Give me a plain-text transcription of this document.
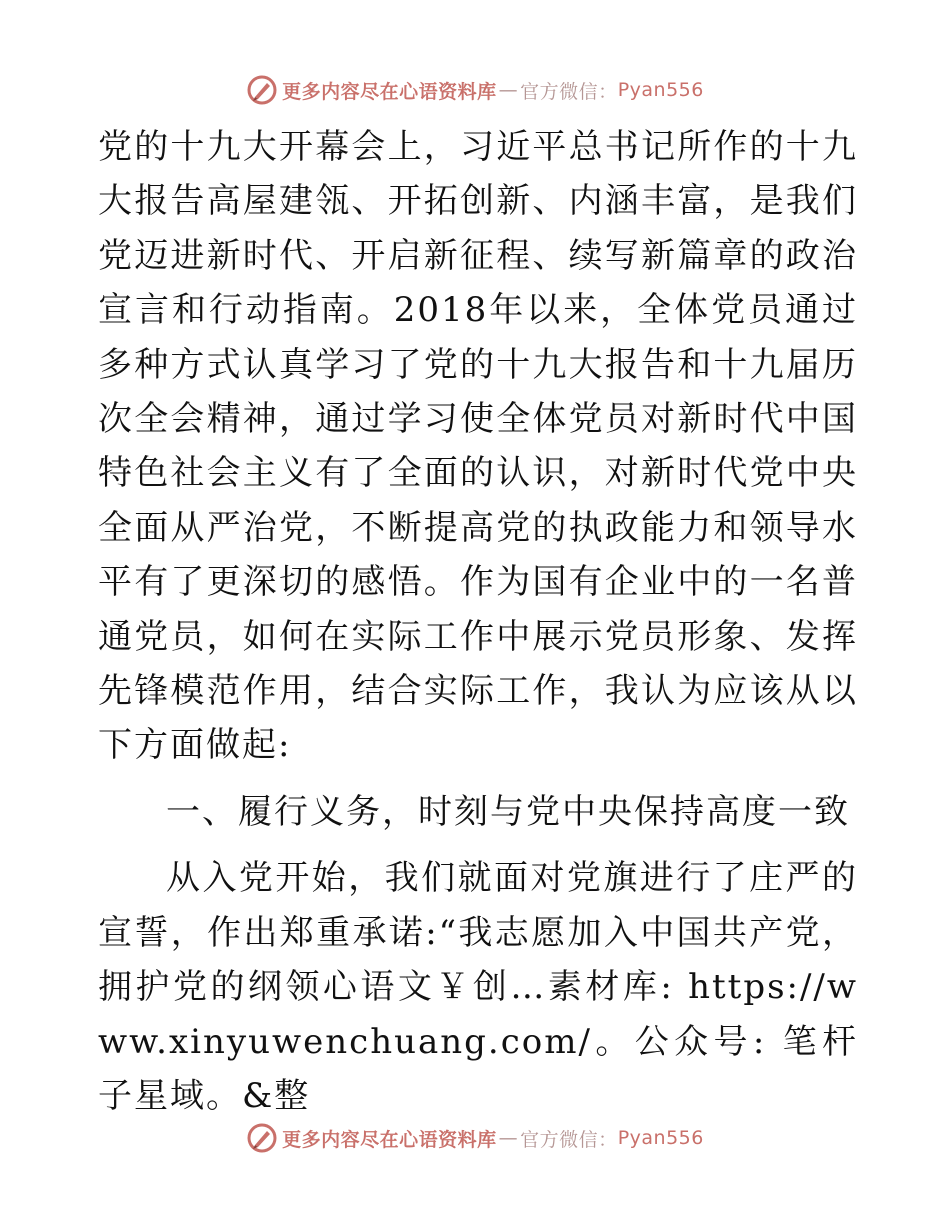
更多内容尽在心语资料库 — 官方微信： Pyan556

党的十九大开幕会上，习近平总书记所作的十九大报告高屋建瓴、开拓创新、内涵丰富，是我们党迈进新时代、开启新征程、续写新篇章的政治宣言和行动指南。2018年以来，全体党员通过多种方式认真学习了党的十九大报告和十九届历次全会精神，通过学习使全体党员对新时代中国特色社会主义有了全面的认识，对新时代党中央全面从严治党，不断提高党的执政能力和领导水平有了更深切的感悟。作为国有企业中的一名普通党员，如何在实际工作中展示党员形象、发挥先锋模范作用，结合实际工作，我认为应该从以下方面做起:

一、履行义务，时刻与党中央保持高度一致

从入党开始，我们就面对党旗进行了庄严的宣誓，作出郑重承诺:“我志愿加入中国共产党，拥护党的纲领心语文￥创…素材库: https://www.xinyuwenchuang.com/。公众号: 笔杆子星域。&整

更多内容尽在心语资料库 — 官方微信： Pyan556
